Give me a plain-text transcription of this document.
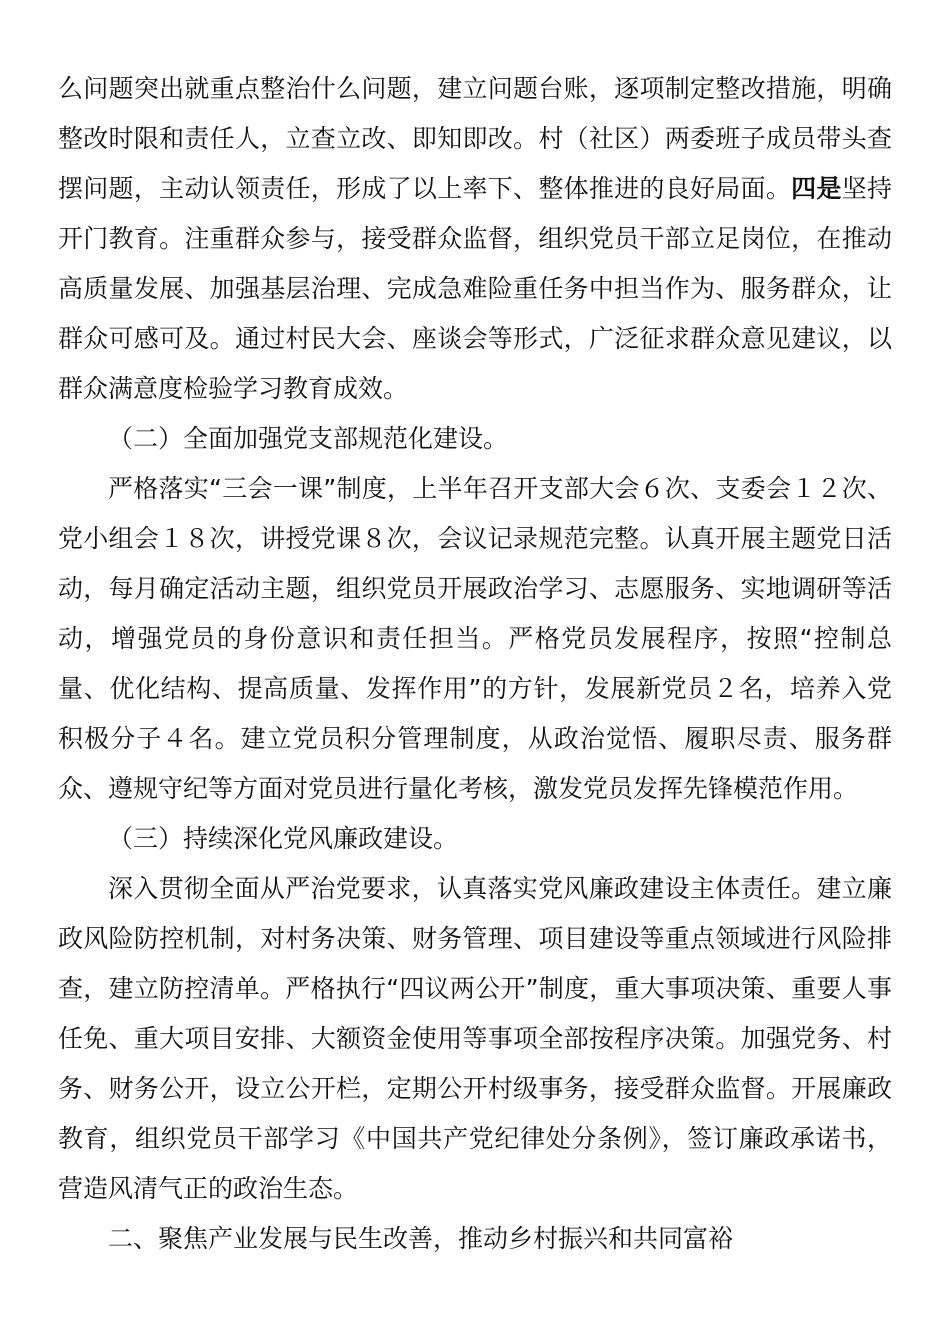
么问题突出就重点整治什么问题，建立问题台账，逐项制定整改措施，明确整改时限和责任人，立查立改、即知即改。村（社区）两委班子成员带头查摆问题，主动认领责任，形成了以上率下、整体推进的良好局面。四是坚持开门教育。注重群众参与，接受群众监督，组织党员干部立足岗位，在推动高质量发展、加强基层治理、完成急难险重任务中担当作为、服务群众，让群众可感可及。通过村民大会、座谈会等形式，广泛征求群众意见建议，以群众满意度检验学习教育成效。

（二）全面加强党支部规范化建设。

严格落实“三会一课”制度，上半年召开支部大会６次、支委会１２次、党小组会１８次，讲授党课８次，会议记录规范完整。认真开展主题党日活动，每月确定活动主题，组织党员开展政治学习、志愿服务、实地调研等活动，增强党员的身份意识和责任担当。严格党员发展程序，按照“控制总量、优化结构、提高质量、发挥作用”的方针，发展新党员２名，培养入党积极分子４名。建立党员积分管理制度，从政治觉悟、履职尽责、服务群众、遵规守纪等方面对党员进行量化考核，激发党员发挥先锋模范作用。

（三）持续深化党风廉政建设。

深入贯彻全面从严治党要求，认真落实党风廉政建设主体责任。建立廉政风险防控机制，对村务决策、财务管理、项目建设等重点领域进行风险排查，建立防控清单。严格执行“四议两公开”制度，重大事项决策、重要人事任免、重大项目安排、大额资金使用等事项全部按程序决策。加强党务、村务、财务公开，设立公开栏，定期公开村级事务，接受群众监督。开展廉政教育，组织党员干部学习《中国共产党纪律处分条例》，签订廉政承诺书，营造风清气正的政治生态。

二、聚焦产业发展与民生改善，推动乡村振兴和共同富裕
